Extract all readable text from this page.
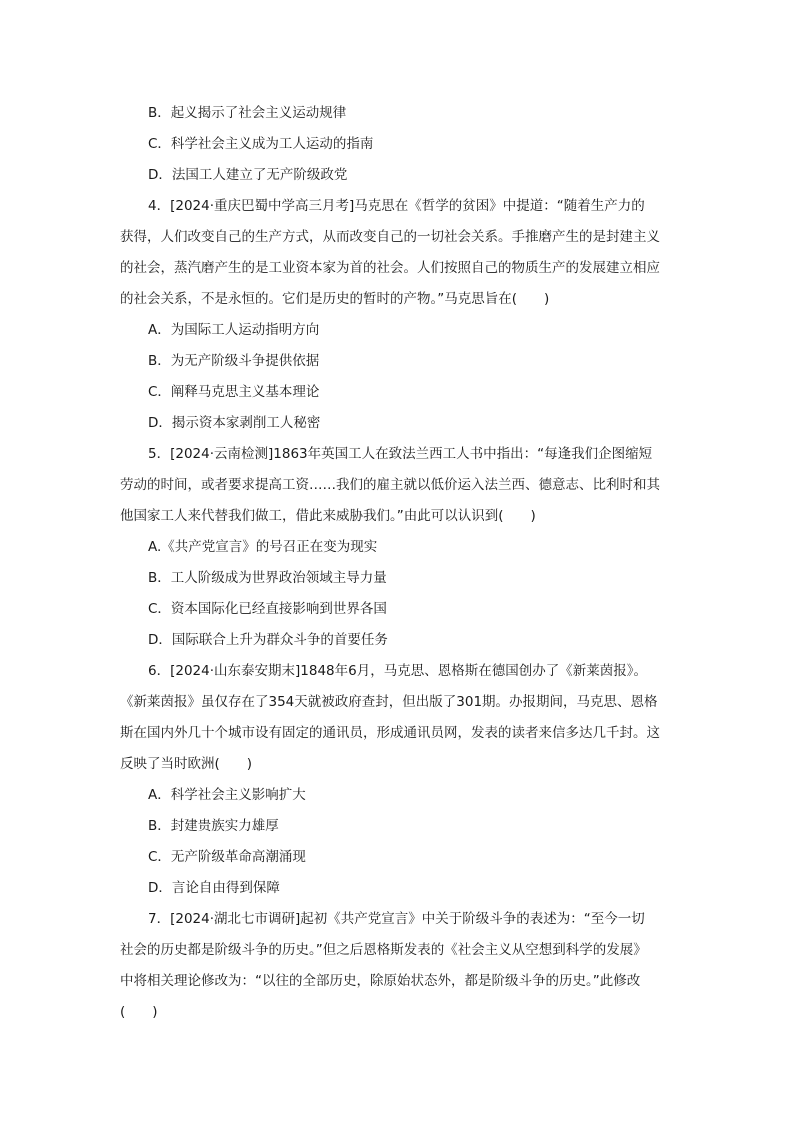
B．起义揭示了社会主义运动规律
C．科学社会主义成为工人运动的指南
D．法国工人建立了无产阶级政党
4．[2024·重庆巴蜀中学高三月考]马克思在《哲学的贫困》中提道：“随着生产力的
获得，人们改变自己的生产方式，从而改变自己的一切社会关系。手推磨产生的是封建主义
的社会，蒸汽磨产生的是工业资本家为首的社会。人们按照自己的物质生产的发展建立相应
的社会关系，不是永恒的。它们是历史的暂时的产物。”马克思旨在(　　)
A．为国际工人运动指明方向
B．为无产阶级斗争提供依据
C．阐释马克思主义基本理论
D．揭示资本家剥削工人秘密
5．[2024·云南检测]1863年英国工人在致法兰西工人书中指出：“每逢我们企图缩短
劳动的时间，或者要求提高工资……我们的雇主就以低价运入法兰西、德意志、比利时和其
他国家工人来代替我们做工，借此来威胁我们。”由此可以认识到(　　)
A.《共产党宣言》的号召正在变为现实
B．工人阶级成为世界政治领域主导力量
C．资本国际化已经直接影响到世界各国
D．国际联合上升为群众斗争的首要任务
6．[2024·山东泰安期末]1848年6月，马克思、恩格斯在德国创办了《新莱茵报》。
《新莱茵报》虽仅存在了354天就被政府查封，但出版了301期。办报期间，马克思、恩格
斯在国内外几十个城市设有固定的通讯员，形成通讯员网，发表的读者来信多达几千封。这
反映了当时欧洲(　　)
A．科学社会主义影响扩大
B．封建贵族实力雄厚
C．无产阶级革命高潮涌现
D．言论自由得到保障
7．[2024·湖北七市调研]起初《共产党宣言》中关于阶级斗争的表述为：“至今一切
社会的历史都是阶级斗争的历史。”但之后恩格斯发表的《社会主义从空想到科学的发展》
中将相关理论修改为：“以往的全部历史，除原始状态外，都是阶级斗争的历史。”此修改
(　　)
